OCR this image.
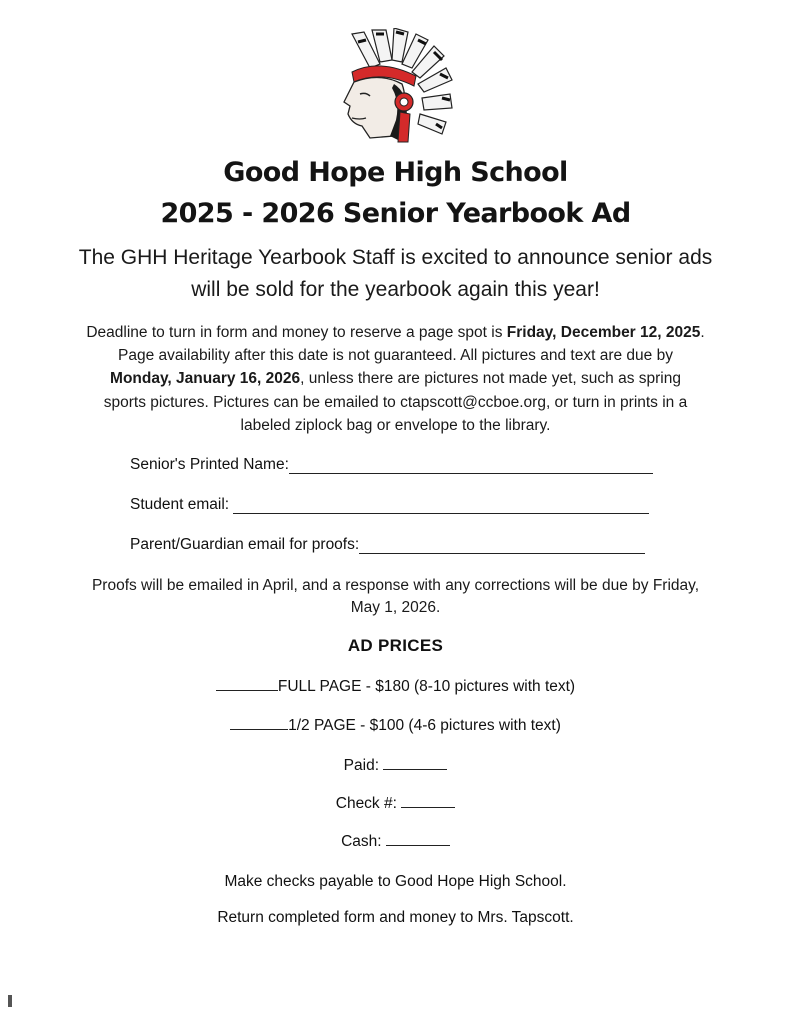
Good Hope High School
2025 - 2026 Senior Yearbook Ad
The GHH Heritage Yearbook Staff is excited to announce senior ads
will be sold for the yearbook again this year!
Deadline to turn in form and money to reserve a page spot is Friday, December 12, 2025.
Page availability after this date is not guaranteed. All pictures and text are due by
Monday, January 16, 2026, unless there are pictures not made yet, such as spring
sports pictures. Pictures can be emailed to ctapscott@ccboe.org, or turn in prints in a
labeled ziplock bag or envelope to the library.
Senior's Printed Name:
Student email:
Parent/Guardian email for proofs:
Proofs will be emailed in April, and a response with any corrections will be due by Friday,
May 1, 2026.
AD PRICES
FULL PAGE - $180 (8-10 pictures with text)
1/2 PAGE - $100 (4-6 pictures with text)
Paid:
Check #:
Cash:
Make checks payable to Good Hope High School.
Return completed form and money to Mrs. Tapscott.
